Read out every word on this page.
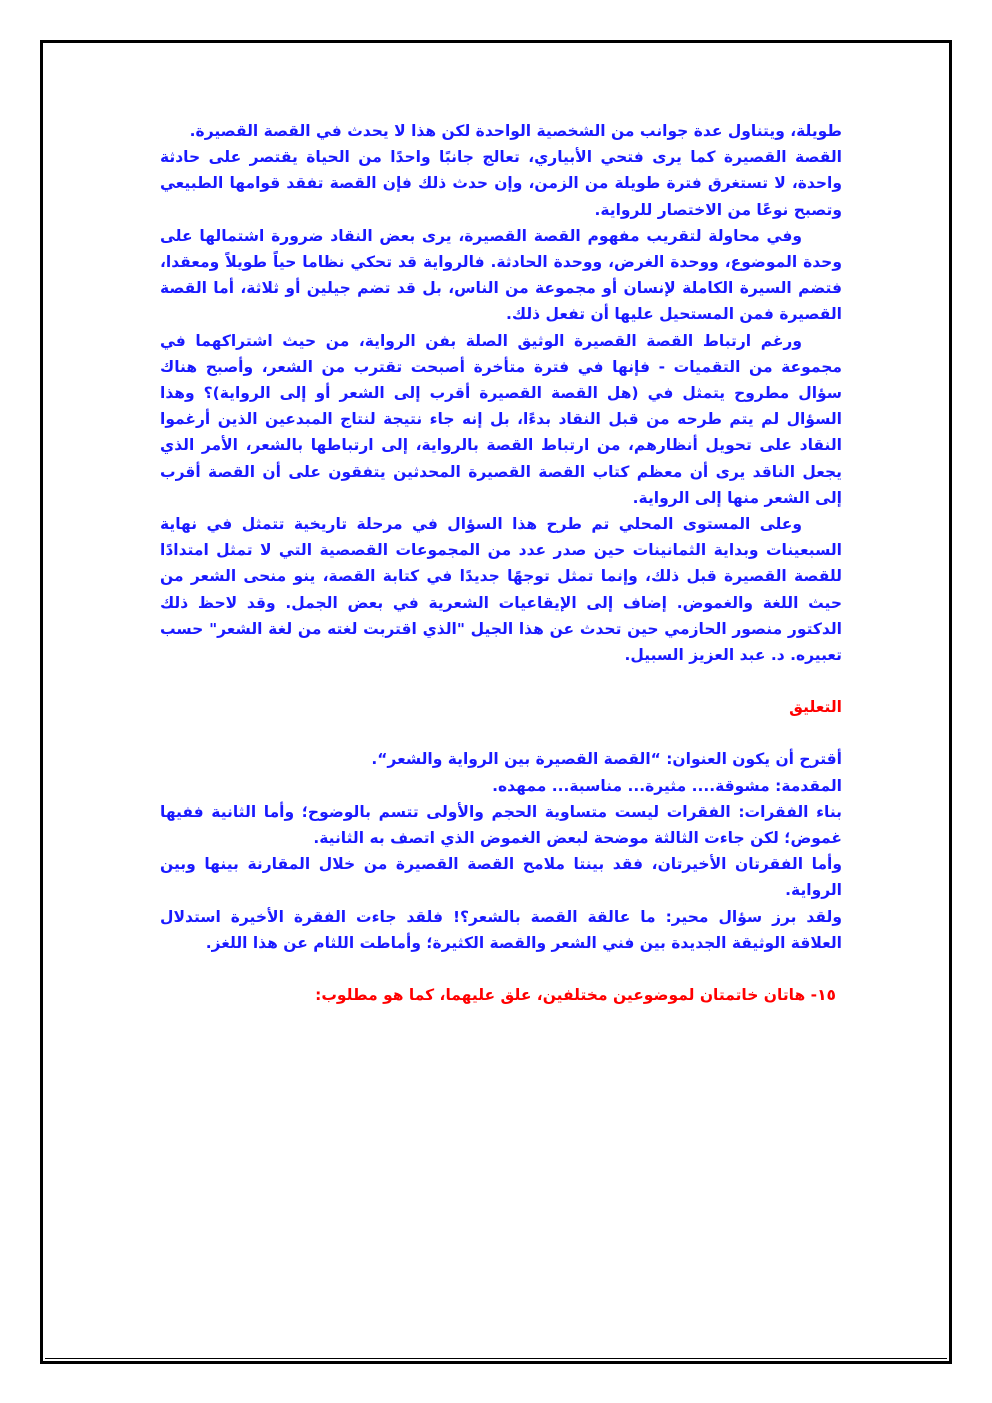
طويلة، ويتناول عدة جوانب من الشخصية الواحدة لكن هذا لا يحدث في القصة القصيرة.

القصة القصيرة كما يرى فتحي الأبياري، تعالج جانبًا واحدًا من الحياة يقتصر على حادثة واحدة، لا تستغرق فترة طويلة من الزمن، وإن حدث ذلك فإن القصة تفقد قوامها الطبيعي وتصبح نوعًا من الاختصار للرواية.

وفي محاولة لتقريب مفهوم القصة القصيرة، يرى بعض النقاد ضرورة اشتمالها على وحدة الموضوع، ووحدة الغرض، ووحدة الحادثة. فالرواية قد تحكي نظاما حياً طويلاً ومعقدا، فتضم السيرة الكاملة لإنسان أو مجموعة من الناس، بل قد تضم جيلين أو ثلاثة، أما القصة القصيرة فمن المستحيل عليها أن تفعل ذلك.

ورغم ارتباط القصة القصيرة الوثيق الصلة بفن الرواية، من حيث اشتراكهما في مجموعة من التقميات - فإنها في فترة متأخرة أصبحت تقترب من الشعر، وأصبح هناك سؤال مطروح يتمثل في (هل القصة القصيرة أقرب إلى الشعر أو إلى الرواية)؟ وهذا السؤال لم يتم طرحه من قبل النقاد بدءًا، بل إنه جاء نتيجة لنتاج المبدعين الذين أرغموا النقاد على تحويل أنظارهم، من ارتباط القصة بالرواية، إلى ارتباطها بالشعر، الأمر الذي يجعل الناقد يرى أن معظم كتاب القصة القصيرة المحدثين يتفقون على أن القصة أقرب إلى الشعر منها إلى الرواية.

وعلى المستوى المحلي تم طرح هذا السؤال في مرحلة تاريخية تتمثل في نهاية السبعينات وبداية الثمانينات حين صدر عدد من المجموعات القصصية التي لا تمثل امتدادًا للقصة القصيرة قبل ذلك، وإنما تمثل توجهًا جديدًا في كتابة القصة، ينو منحى الشعر من حيث اللغة والغموض. إضاف إلى الإيقاعيات الشعرية في بعض الجمل. وقد لاحظ ذلك الدكتور منصور الحازمي حين تحدث عن هذا الجيل "الذي اقتربت لغته من لغة الشعر" حسب تعبيره. د. عبد العزيز السبيل.

التعليق

أقترح أن يكون العنوان: “القصة القصيرة بين الرواية والشعر“.

المقدمة: مشوقة.... مثيرة... مناسبة... ممهده.

بناء الفقرات: الفقرات ليست متساوية الحجم والأولى تتسم بالوضوح؛ وأما الثانية ففيها غموض؛ لكن جاءت الثالثة موضحة لبعض الغموض الذي اتصف به الثانية.

وأما الفقرتان الأخيرتان، فقد بينتا ملامح القصة القصيرة من خلال المقارنة بينها وبين الرواية.

ولقد برز سؤال محير: ما عالقة القصة بالشعر؟! فلقد جاءت الفقرة الأخيرة استدلال العلاقة الوثيقة الجديدة بين فني الشعر والقصة الكثيرة؛ وأماطت اللثام عن هذا اللغز.

١٥- هاتان خاتمتان لموضوعين مختلفين، علق عليهما، كما هو مطلوب:
